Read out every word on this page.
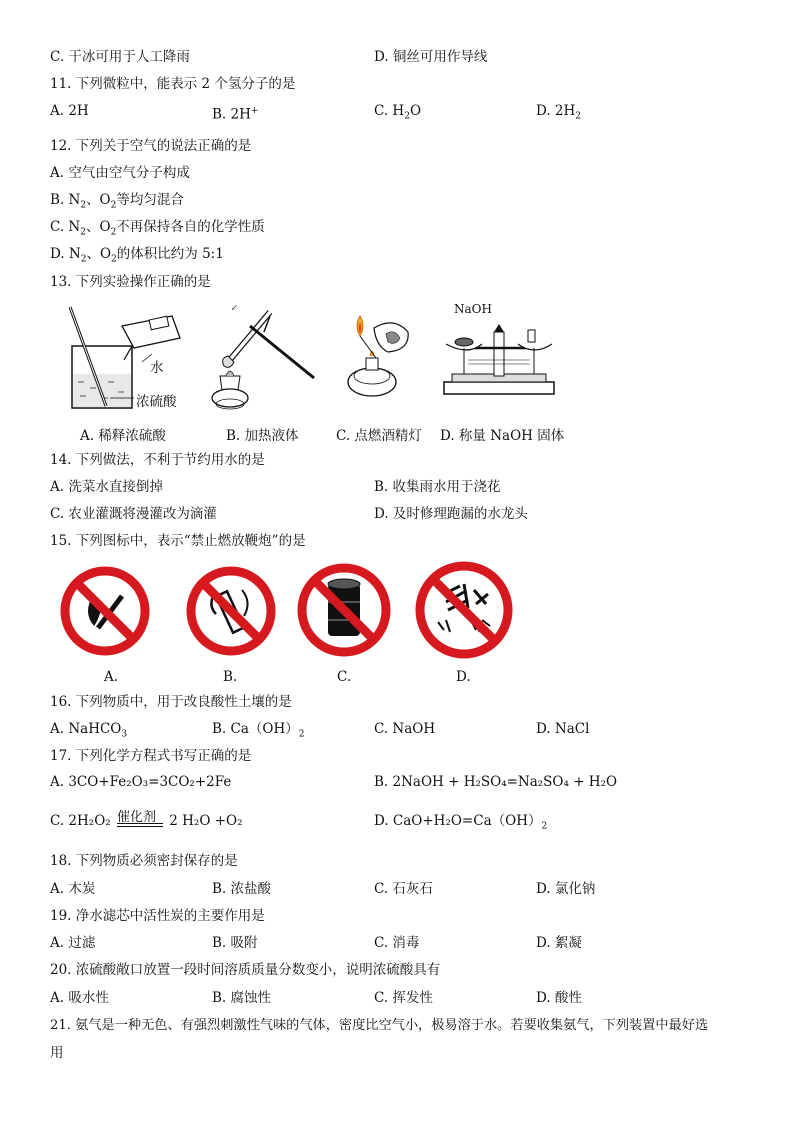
C. 干冰可用于人工降雨	D. 铜丝可用作导线
11. 下列微粒中，能表示 2 个氢分子的是
A. 2H	B. 2H+	C. $H_2O$	D. $2H_2$
12. 下列关于空气的说法正确的是
A. 空气由空气分子构成
B. $N_2$、$O_2$等均匀混合
C. $N_2$、$O_2$不再保持各自的化学性质
D. $N_2$、$O_2$的体积比约为 5:1
13. 下列实验操作正确的是
水
浓硫酸
↙	NaOH
A. 稀释浓硫酸	B. 加热液体	C. 点燃酒精灯 D. 称量 NaOH 固体
14. 下列做法，不利于节约用水的是
A. 洗菜水直接倒掉	B. 收集雨水用于浇花
C. 农业灌溉将漫灌改为滴灌	D. 及时修理跑漏的水龙头
15. 下列图标中，表示“禁止燃放鞭炮”的是
A.	B.	C.	D.
16. 下列物质中，用于改良酸性土壤的是
A. NaHCO$_3$	B. $Ca(OH)_2$	C. NaOH	D. NaCl
17. 下列化学方程式书写正确的是
A. 3CO+Fe₂O₃=3CO₂+2Fe	B. 2NaOH + H₂SO₄=Na₂SO₄ + H₂O
C. 2H₂O₂ 催化剂 2 H₂O +O₂	D. $CaO+H_2O=Ca(OH)_2$
18. 下列物质必须密封保存的是
A. 木炭	B. 浓盐酸	C. 石灰石	D. 氯化钠
19. 净水滤芯中活性炭的主要作用是
A. 过滤	B. 吸附	C. 消毒	D. 絮凝
20. 浓硫酸敞口放置一段时间溶质质量分数变小，说明浓硫酸具有
A. 吸水性	B. 腐蚀性	C. 挥发性	D. 酸性
21. 氨气是一种无色、有强烈刺激性气味的气体，密度比空气小，极易溶于水。若要收集氨气，下列装置中最好选
用
